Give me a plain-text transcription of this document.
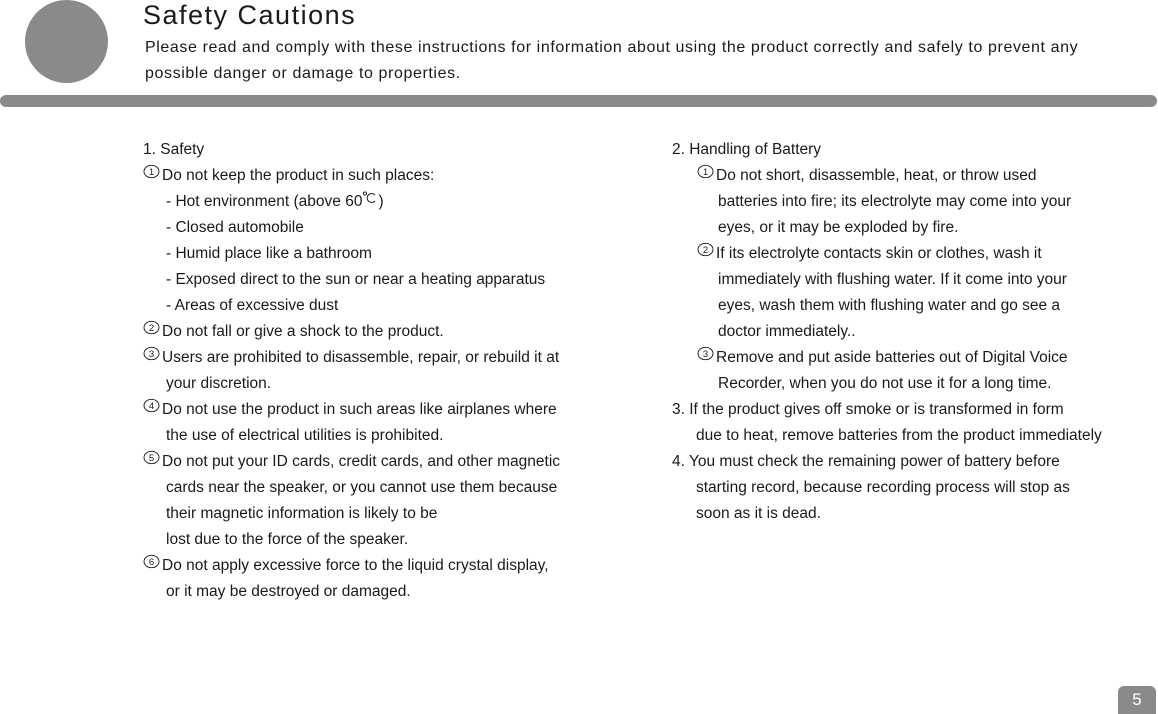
Safety Cautions

Please read and comply with these instructions for information about using the product correctly and safely to prevent any possible danger or damage to properties.

1. Safety
1 Do not keep the product in such places:
- Hot environment (above 60 )
- Closed automobile
- Humid place like a bathroom
- Exposed direct to the sun or near a heating apparatus
- Areas of excessive dust
2 Do not fall or give a shock to the product.
3 Users are prohibited to disassemble, repair, or rebuild it at
your discretion.
4 Do not use the product in such areas like airplanes where
the use of electrical utilities is prohibited.
5 Do not put your ID cards, credit cards, and other magnetic
cards near the speaker, or you cannot use them because
their magnetic information is likely to be
lost due to the force of the speaker.
6 Do not apply excessive force to the liquid crystal display,
or it may be destroyed or damaged.
2. Handling of Battery
1 Do not short, disassemble, heat, or throw used
batteries into fire; its electrolyte may come into your
eyes, or it may be exploded by fire.
2 If its electrolyte contacts skin or clothes, wash it
immediately with flushing water. If it come into your
eyes, wash them with flushing water and go see a
doctor immediately..
3 Remove and put aside batteries out of Digital Voice
Recorder, when you do not use it for a long time.
3. If the product gives off smoke or is transformed in form
due to heat, remove batteries from the product immediately
4. You must check the remaining power of battery before
starting record, because recording process will stop as
soon as it is dead.
5
